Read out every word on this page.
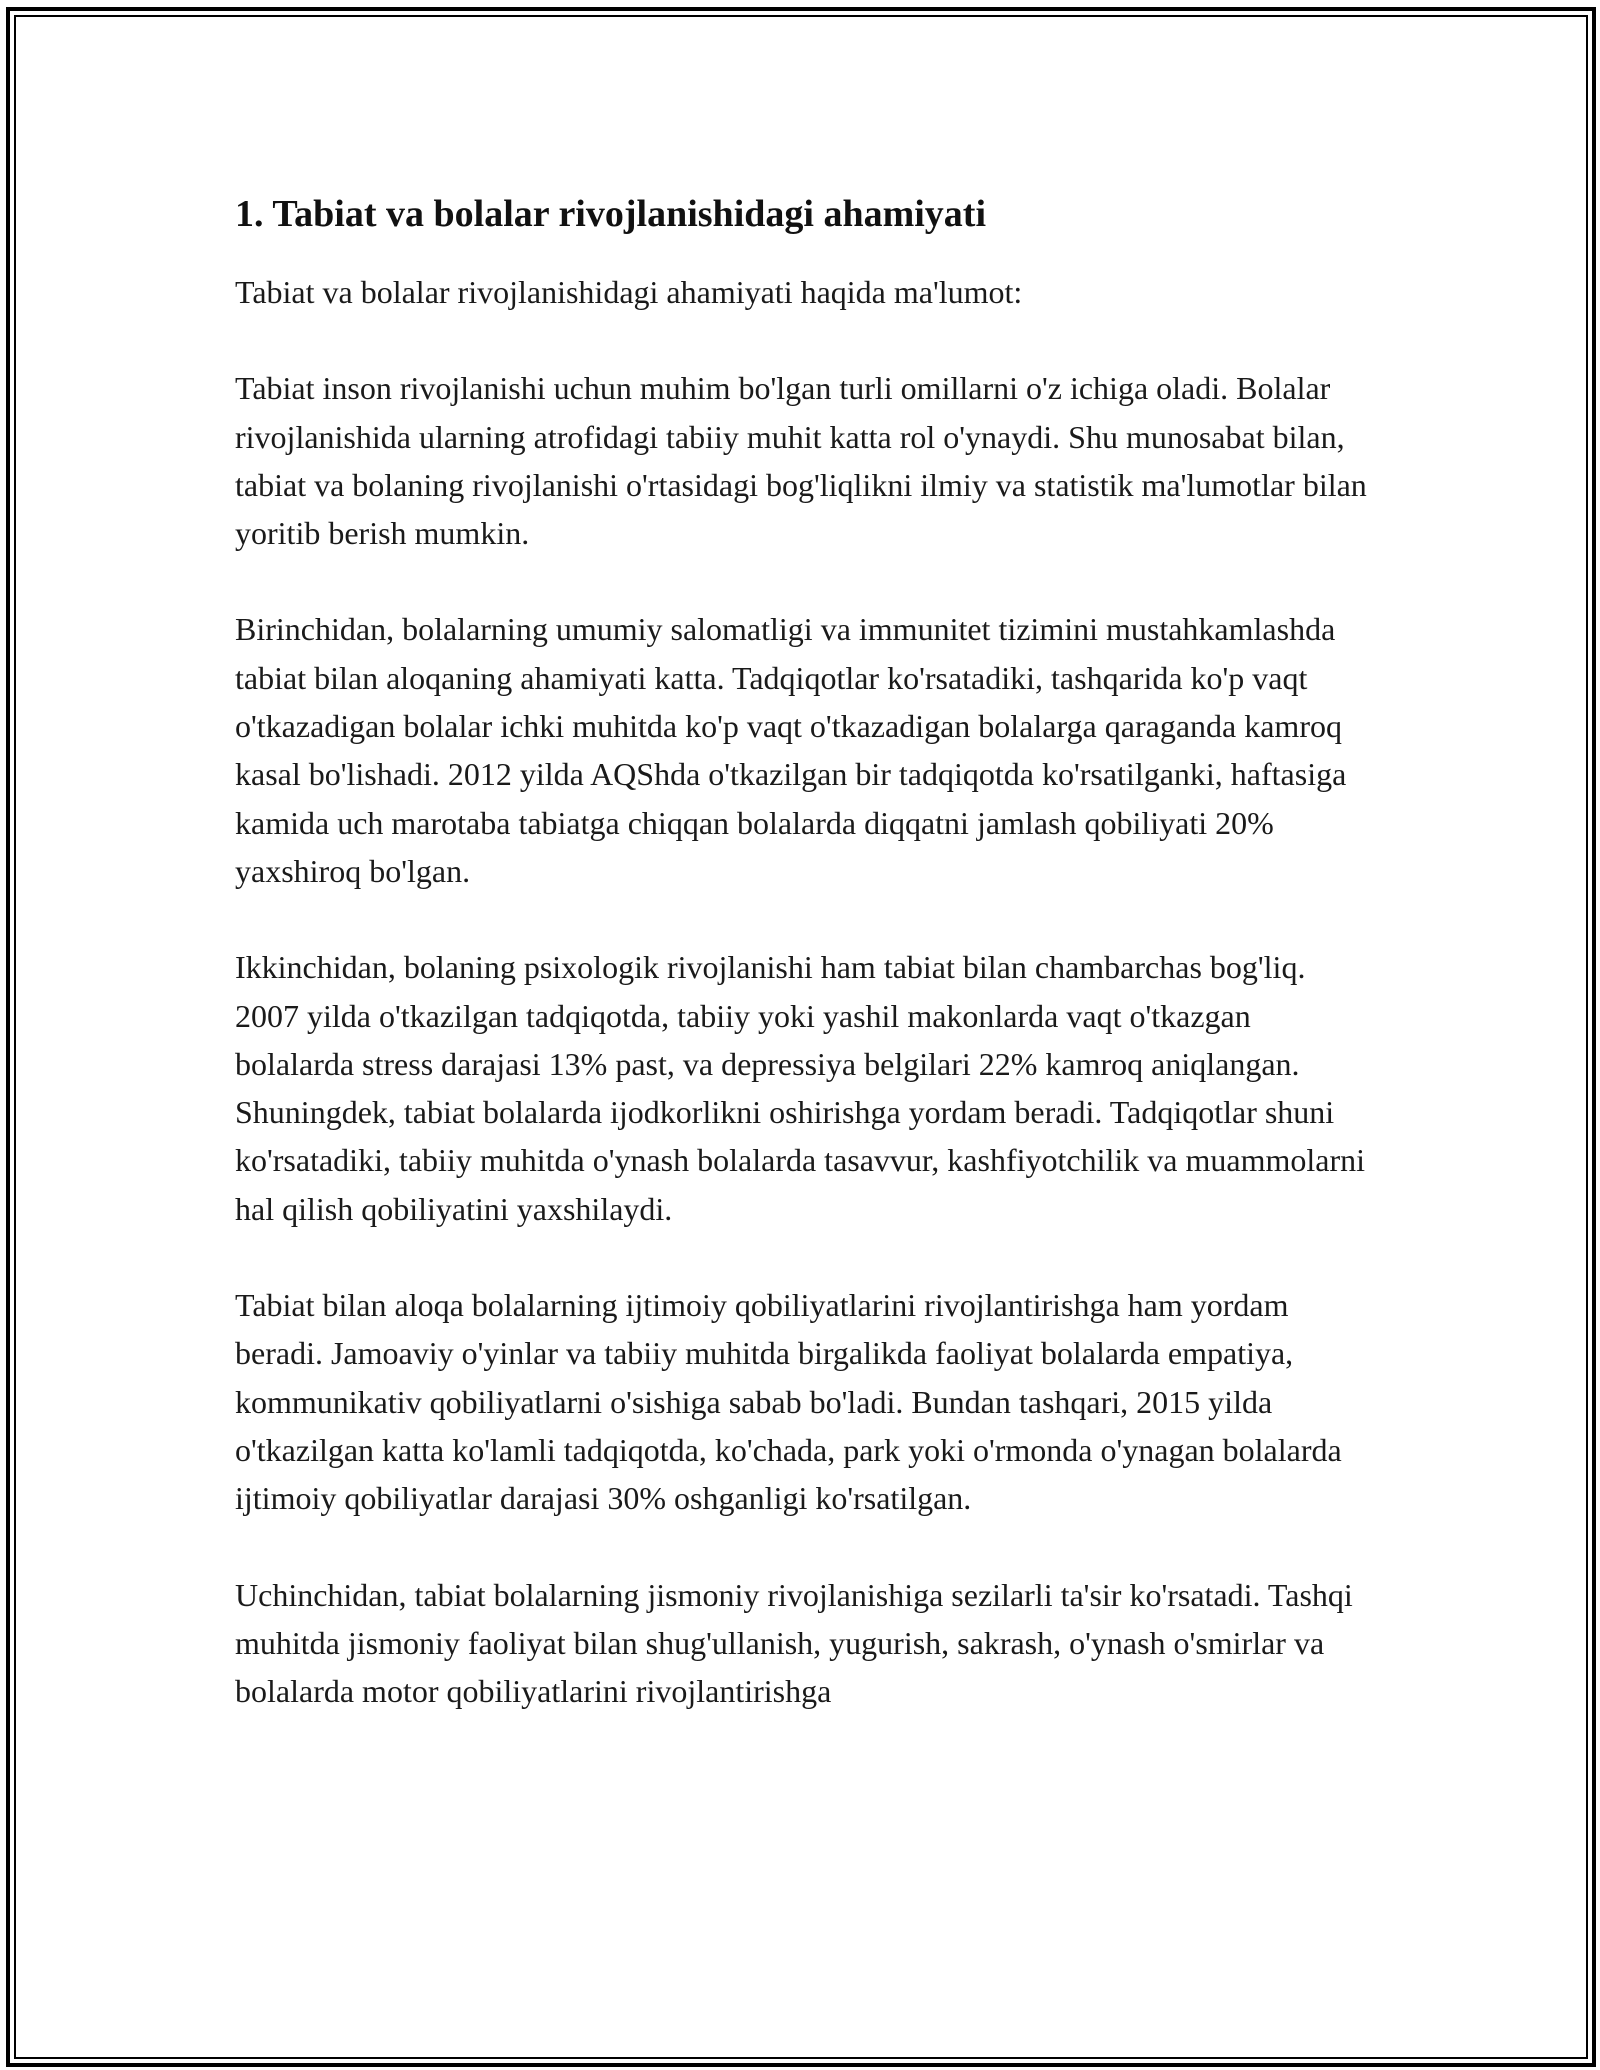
1. Tabiat va bolalar rivojlanishidagi ahamiyati

Tabiat va bolalar rivojlanishidagi ahamiyati haqida ma'lumot:

Tabiat inson rivojlanishi uchun muhim bo'lgan turli omillarni o'z ichiga oladi. Bolalar rivojlanishida ularning atrofidagi tabiiy muhit katta rol o'ynaydi. Shu munosabat bilan, tabiat va bolaning rivojlanishi o'rtasidagi bog'liqlikni ilmiy va statistik ma'lumotlar bilan yoritib berish mumkin.

Birinchidan, bolalarning umumiy salomatligi va immunitet tizimini mustahkamlashda tabiat bilan aloqaning ahamiyati katta. Tadqiqotlar ko'rsatadiki, tashqarida ko'p vaqt o'tkazadigan bolalar ichki muhitda ko'p vaqt o'tkazadigan bolalarga qaraganda kamroq kasal bo'lishadi. 2012 yilda AQShda o'tkazilgan bir tadqiqotda ko'rsatilganki, haftasiga kamida uch marotaba tabiatga chiqqan bolalarda diqqatni jamlash qobiliyati 20% yaxshiroq bo'lgan.

Ikkinchidan, bolaning psixologik rivojlanishi ham tabiat bilan chambarchas bog'liq. 2007 yilda o'tkazilgan tadqiqotda, tabiiy yoki yashil makonlarda vaqt o'tkazgan bolalarda stress darajasi 13% past, va depressiya belgilari 22% kamroq aniqlangan. Shuningdek, tabiat bolalarda ijodkorlikni oshirishga yordam beradi. Tadqiqotlar shuni ko'rsatadiki, tabiiy muhitda o'ynash bolalarda tasavvur, kashfiyotchilik va muammolarni hal qilish qobiliyatini yaxshilaydi.

Tabiat bilan aloqa bolalarning ijtimoiy qobiliyatlarini rivojlantirishga ham yordam beradi. Jamoaviy o'yinlar va tabiiy muhitda birgalikda faoliyat bolalarda empatiya, kommunikativ qobiliyatlarni o'sishiga sabab bo'ladi. Bundan tashqari, 2015 yilda o'tkazilgan katta ko'lamli tadqiqotda, ko'chada, park yoki o'rmonda o'ynagan bolalarda ijtimoiy qobiliyatlar darajasi 30% oshganligi ko'rsatilgan.

Uchinchidan, tabiat bolalarning jismoniy rivojlanishiga sezilarli ta'sir ko'rsatadi. Tashqi muhitda jismoniy faoliyat bilan shug'ullanish, yugurish, sakrash, o'ynash o'smirlar va bolalarda motor qobiliyatlarini rivojlantirishga
